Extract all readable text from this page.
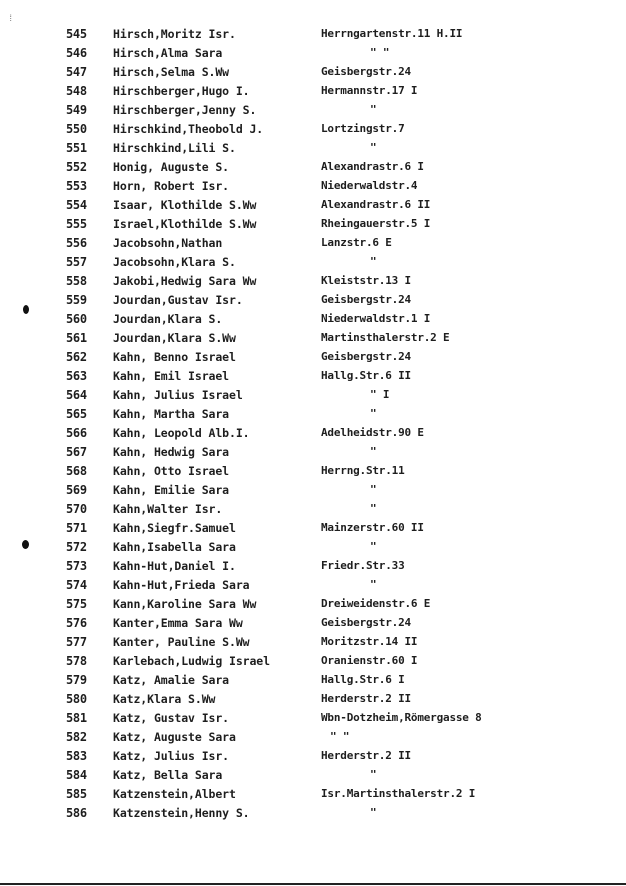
⁞
545	Hirsch,Moritz Isr.	Herrngartenstr.11 H.II
546	Hirsch,Alma Sara	" "
547	Hirsch,Selma S.Ww	Geisbergstr.24
548	Hirschberger,Hugo I.	Hermannstr.17 I
549	Hirschberger,Jenny S.	"
550	Hirschkind,Theobold J.	Lortzingstr.7
551	Hirschkind,Lili S.	"
552	Honig, Auguste S.	Alexandrastr.6 I
553	Horn, Robert Isr.	Niederwaldstr.4
554	Isaar, Klothilde S.Ww	Alexandrastr.6 II
555	Israel,Klothilde S.Ww	Rheingauerstr.5 I
556	Jacobsohn,Nathan	Lanzstr.6 E
557	Jacobsohn,Klara S.	"
558	Jakobi,Hedwig Sara Ww	Kleiststr.13 I
559	Jourdan,Gustav Isr.	Geisbergstr.24
560	Jourdan,Klara S.	Niederwaldstr.1 I
561	Jourdan,Klara S.Ww	Martinsthalerstr.2 E
562	Kahn, Benno Israel	Geisbergstr.24
563	Kahn, Emil Israel	Hallg.Str.6 II
564	Kahn, Julius Israel	" I
565	Kahn, Martha Sara	"
566	Kahn, Leopold Alb.I.	Adelheidstr.90 E
567	Kahn, Hedwig Sara	"
568	Kahn, Otto Israel	Herrng.Str.11
569	Kahn, Emilie Sara	"
570	Kahn,Walter Isr.	"
571	Kahn,Siegfr.Samuel	Mainzerstr.60 II
572	Kahn,Isabella Sara	"
573	Kahn-Hut,Daniel I.	Friedr.Str.33
574	Kahn-Hut,Frieda Sara	"
575	Kann,Karoline Sara Ww	Dreiweidenstr.6 E
576	Kanter,Emma Sara Ww	Geisbergstr.24
577	Kanter, Pauline S.Ww	Moritzstr.14 II
578	Karlebach,Ludwig Israel	Oranienstr.60 I
579	Katz, Amalie Sara	Hallg.Str.6 I
580	Katz,Klara S.Ww	Herderstr.2 II
581	Katz, Gustav Isr.	Wbn-Dotzheim,Römergasse 8
582	Katz, Auguste Sara	" "
583	Katz, Julius Isr.	Herderstr.2 II
584	Katz, Bella Sara	"
585	Katzenstein,Albert	Isr.Martinsthalerstr.2 I
586	Katzenstein,Henny S.	"
